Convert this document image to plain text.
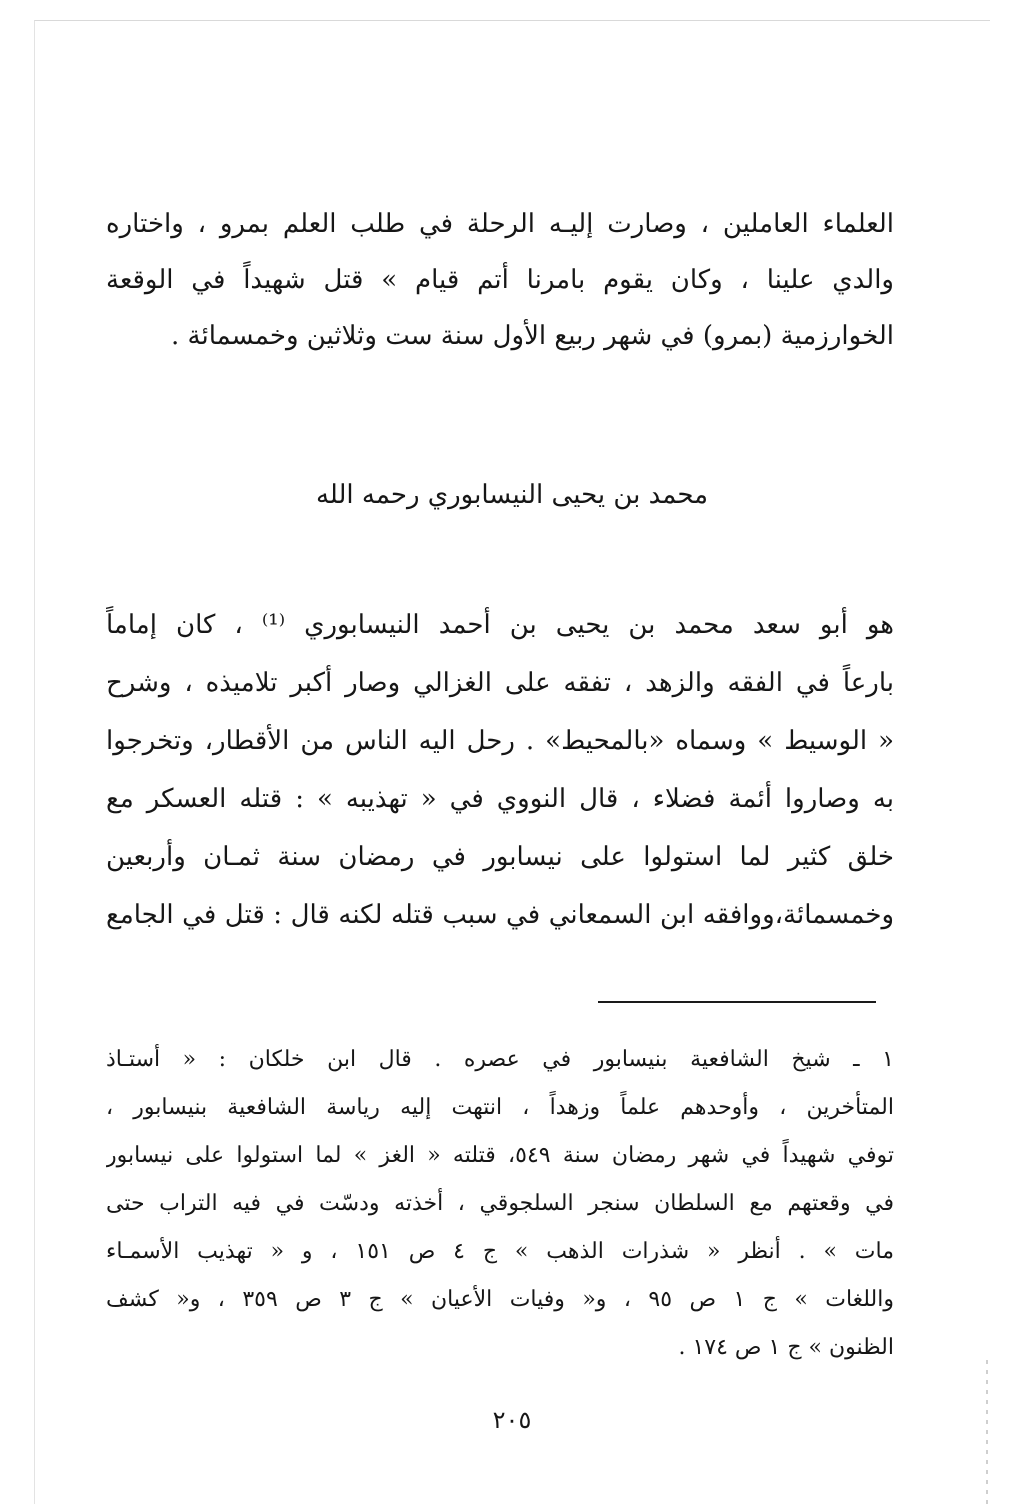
العلماء العاملين ، وصارت إليـه الرحلة في طلب العلم بمرو ، واختاره
والدي علينا ، وكان يقوم بامرنا أتم قيام » قتل شهيداً في الوقعة
الخوارزمية (بمرو) في شهر ربيع الأول سنة ست وثلاثين وخمسمائة .
محمد بن يحيى النيسابوري رحمه الله
هو أبو سعد محمد بن يحيى بن أحمد النيسابوري ⁽¹⁾ ، كان إماماً
بارعاً في الفقه والزهد ، تفقه على الغزالي وصار أكبر تلاميذه ، وشرح
« الوسيط » وسماه «بالمحيط» . رحل اليه الناس من الأقطار، وتخرجوا
به وصاروا أئمة فضلاء ، قال النووي في « تهذيبه » : قتله العسكر مع
خلق كثير لما استولوا على نيسابور في رمضان سنة ثمـان وأربعين
وخمسمائة،ووافقه ابن السمعاني في سبب قتله لكنه قال : قتل في الجامع
١ ـ شيخ الشافعية بنيسابور في عصره . قال ابن خلكان : « أستـاذ
المتأخرين ، وأوحدهم علماً وزهداً ، انتهت إليه رياسة الشافعية بنيسابور ،
توفي شهيداً في شهر رمضان سنة ٥٤٩، قتلته « الغز » لما استولوا على نيسابور
في وقعتهم مع السلطان سنجر السلجوقي ، أخذته ودسّت في فيه التراب حتى
مات » . أنظر « شذرات الذهب » ج ٤ ص ١٥١ ، و « تهذيب الأسمـاء
واللغات » ج ١ ص ٩٥ ، و« وفيات الأعيان » ج ٣ ص ٣٥٩ ، و« كشف
الظنون » ج ١ ص ١٧٤ .
٢٠٥
